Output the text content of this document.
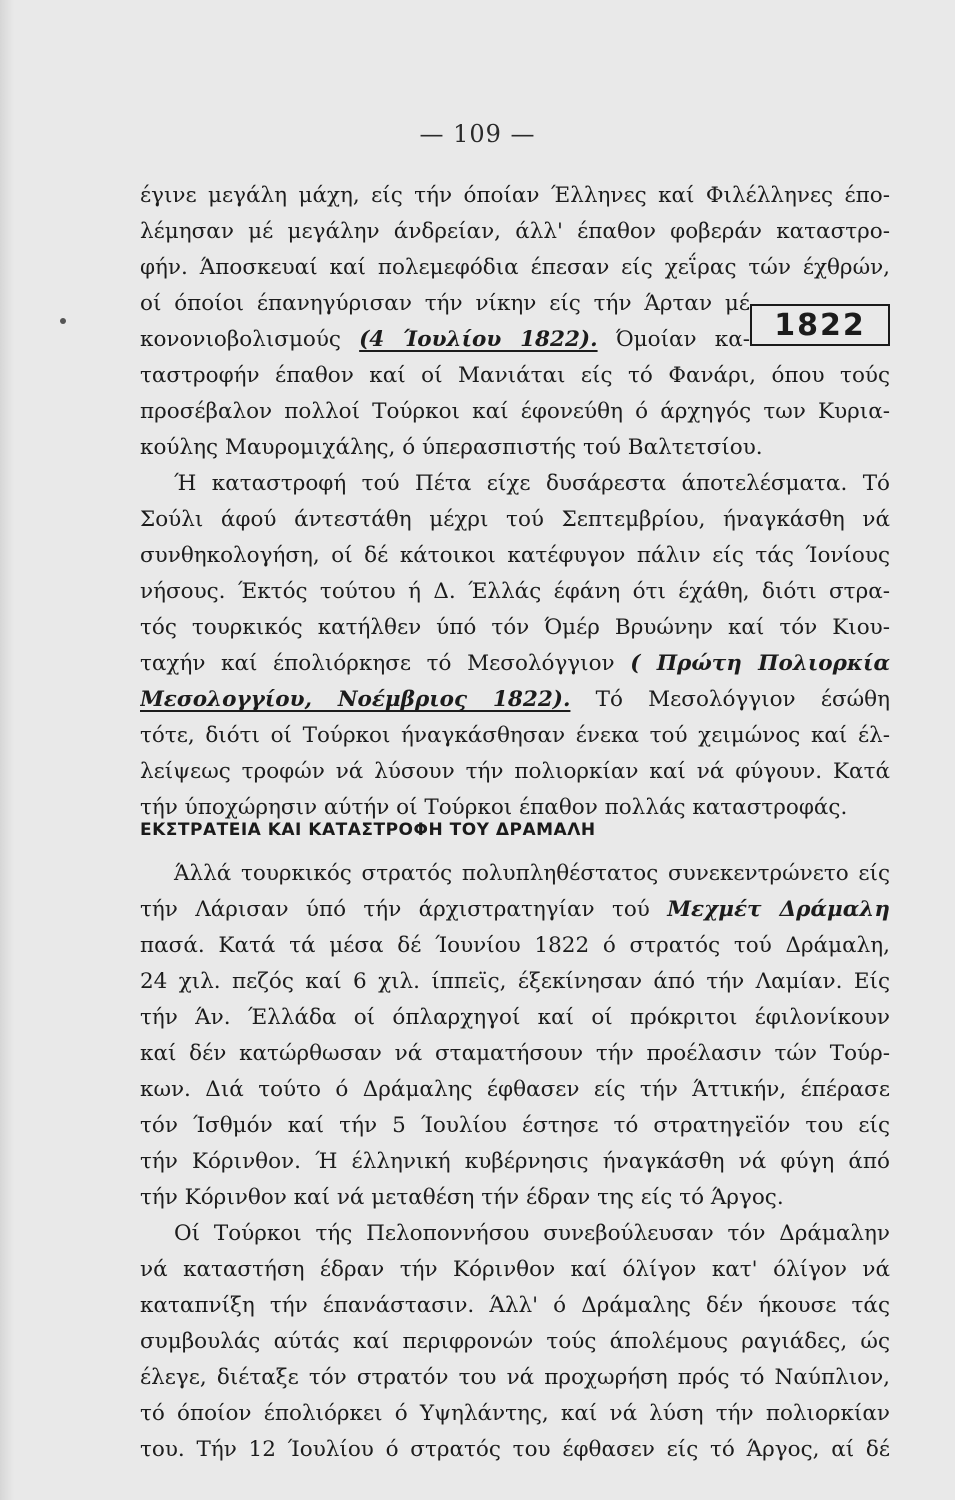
— 109 —
1822
έγινε μεγάλη μάχη, είς τήν όποίαν Έλληνες καί Φιλέλληνες έπο-
λέμησαν μέ μεγάλην άνδρείαν, άλλ' έπαθον φοβεράν καταστρο-
φήν. Άποσκευαί καί πολεμεφόδια έπεσαν είς χεΐρας τών έχθρών,
οί όποίοι έπανηγύρισαν τήν νίκην είς τήν Άρταν μέ
κονονιοβολισμούς (4 Ίουλίου 1822). Όμοίαν κα-
ταστροφήν έπαθον καί οί Μανιάται είς τό Φανάρι, όπου τούς
προσέβαλον πολλοί Τούρκοι καί έφονεύθη ό άρχηγός των Κυρια-
κούλης Μαυρομιχάλης, ό ύπερασπιστής τού Βαλτετσίου.
Ή καταστροφή τού Πέτα είχε δυσάρεστα άποτελέσματα. Τό
Σούλι άφού άντεστάθη μέχρι τού Σεπτεμβρίου, ήναγκάσθη νά
συνθηκολογήση, οί δέ κάτοικοι κατέφυγον πάλιν είς τάς Ίονίους
νήσους. Έκτός τούτου ή Δ. Έλλάς έφάνη ότι έχάθη, διότι στρα-
τός τουρκικός κατήλθεν ύπό τόν Όμέρ Βρυώνην καί τόν Κιου-
ταχήν καί έπολιόρκησε τό Μεσολόγγιον ( Πρώτη Πολιορκία
Μεσολογγίου, Νοέμβριος 1822). Τό Μεσολόγγιον έσώθη
τότε, διότι οί Τούρκοι ήναγκάσθησαν ένεκα τού χειμώνος καί έλ-
λείψεως τροφών νά λύσουν τήν πολιορκίαν καί νά φύγουν. Κατά
τήν ύποχώρησιν αύτήν οί Τούρκοι έπαθον πολλάς καταστροφάς.
ΕΚΣΤΡΑΤΕΙΑ ΚΑΙ ΚΑΤΑΣΤΡΟΦΗ ΤΟΥ ΔΡΑΜΑΛΗ
Άλλά τουρκικός στρατός πολυπληθέστατος συνεκεντρώνετο είς
τήν Λάρισαν ύπό τήν άρχιστρατηγίαν τού Μεχμέτ Δράμαλη
πασά. Κατά τά μέσα δέ Ίουνίου 1822 ό στρατός τού Δράμαλη,
24 χιλ. πεζός καί 6 χιλ. ίππεϊς, έξεκίνησαν άπό τήν Λαμίαν. Είς
τήν Άν. Έλλάδα οί όπλαρχηγοί καί οί πρόκριτοι έφιλονίκουν
καί δέν κατώρθωσαν νά σταματήσουν τήν προέλασιν τών Τούρ-
κων. Διά τούτο ό Δράμαλης έφθασεν είς τήν Άττικήν, έπέρασε
τόν Ίσθμόν καί τήν 5 Ίουλίου έστησε τό στρατηγεϊόν του είς
τήν Κόρινθον. Ή έλληνική κυβέρνησις ήναγκάσθη νά φύγη άπό
τήν Κόρινθον καί νά μεταθέση τήν έδραν της είς τό Άργος.
Οί Τούρκοι τής Πελοποννήσου συνεβούλευσαν τόν Δράμαλην
νά καταστήση έδραν τήν Κόρινθον καί όλίγον κατ' όλίγον νά
καταπνίξη τήν έπανάστασιν. Άλλ' ό Δράμαλης δέν ήκουσε τάς
συμβουλάς αύτάς καί περιφρονών τούς άπολέμους ραγιάδες, ώς
έλεγε, διέταξε τόν στρατόν του νά προχωρήση πρός τό Ναύπλιον,
τό όποίον έπολιόρκει ό Υψηλάντης, καί νά λύση τήν πολιορκίαν
του. Τήν 12 Ίουλίου ό στρατός του έφθασεν είς τό Άργος, αί δέ
